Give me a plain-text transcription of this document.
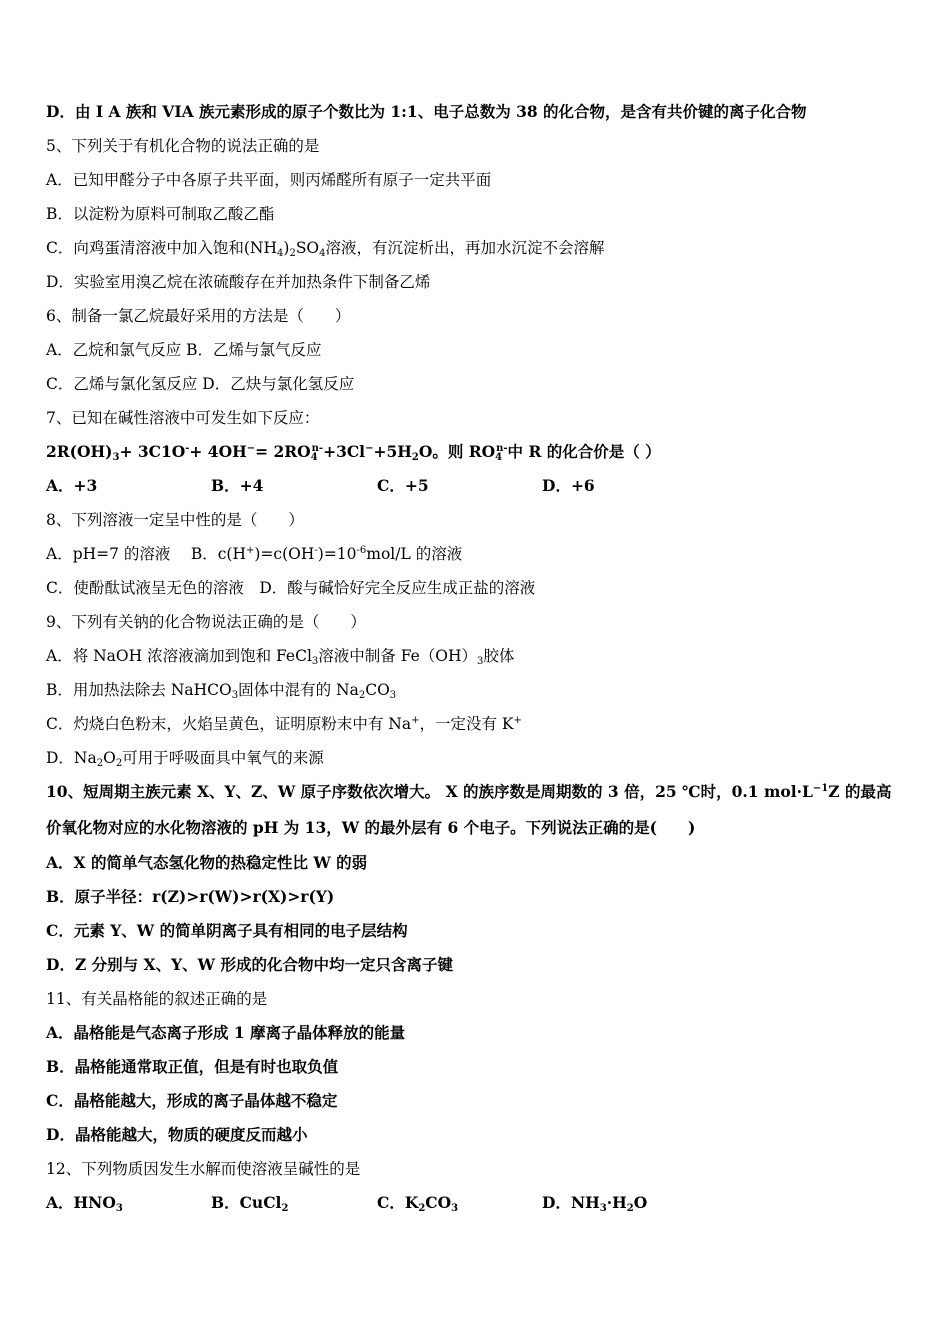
D．由 I A 族和 VIA 族元素形成的原子个数比为 1:1、电子总数为 38 的化合物，是含有共价键的离子化合物
5、下列关于有机化合物的说法正确的是
A．已知甲醛分子中各原子共平面，则丙烯醛所有原子一定共平面
B．以淀粉为原料可制取乙酸乙酯
C．向鸡蛋清溶液中加入饱和$(NH_4)_2SO_4$溶液，有沉淀析出，再加水沉淀不会溶解
D．实验室用溴乙烷在浓硫酸存在并加热条件下制备乙烯
6、制备一氯乙烷最好采用的方法是（　　）
A．乙烷和氯气反应 B．乙烯与氯气反应
C．乙烯与氯化氢反应 D．乙炔与氯化氢反应
7、已知在碱性溶液中可发生如下反应：
$2R(OH)_3+ 3C1O^-+ 4OH^-= 2RO_4^{n-}+3Cl^-+5H_2O$。则 $RO_4^{n-}$中 R 的化合价是（ ）
A．+3	B．+4	C．+5	D．+6
8、下列溶液一定呈中性的是（　　）
A．pH=7 的溶液　 B．$c(H^+)=c(OH^-)=10^{-6}mol/L$ 的溶液
C．使酚酞试液呈无色的溶液　D．酸与碱恰好完全反应生成正盐的溶液
9、下列有关钠的化合物说法正确的是（　　）
A．将 NaOH 浓溶液滴加到饱和 FeCl$_3$溶液中制备 $Fe(OH)_3$胶体
B．用加热法除去 NaHCO$_3$固体中混有的 $Na_2CO_3$
C．灼烧白色粉末，火焰呈黄色，证明原粉末中有 Na+，一定没有 K+
D．$Na_2O_2$可用于呼吸面具中氧气的来源
10、短周期主族元素 X、Y、Z、W 原子序数依次增大。 X 的族序数是周期数的 3 倍，25 ℃时，0.1 $mol\cdot L^{-1}Z$ 的最高
价氧化物对应的水化物溶液的 pH 为 13，W 的最外层有 6 个电子。下列说法正确的是(　　)
A．X 的简单气态氢化物的热稳定性比 W 的弱
B．原子半径：r(Z)>r(W)>r(X)>r(Y)
C．元素 Y、W 的简单阴离子具有相同的电子层结构
D．Z 分别与 X、Y、W 形成的化合物中均一定只含离子键
11、有关晶格能的叙述正确的是
A．晶格能是气态离子形成 1 摩离子晶体释放的能量
B．晶格能通常取正值，但是有时也取负值
C．晶格能越大，形成的离子晶体越不稳定
D．晶格能越大，物质的硬度反而越小
12、下列物质因发生水解而使溶液呈碱性的是
A．$HNO_3$	B．CuCl$_2$	C．$K_2CO_3$	D．$NH_3\cdot H_2O$
